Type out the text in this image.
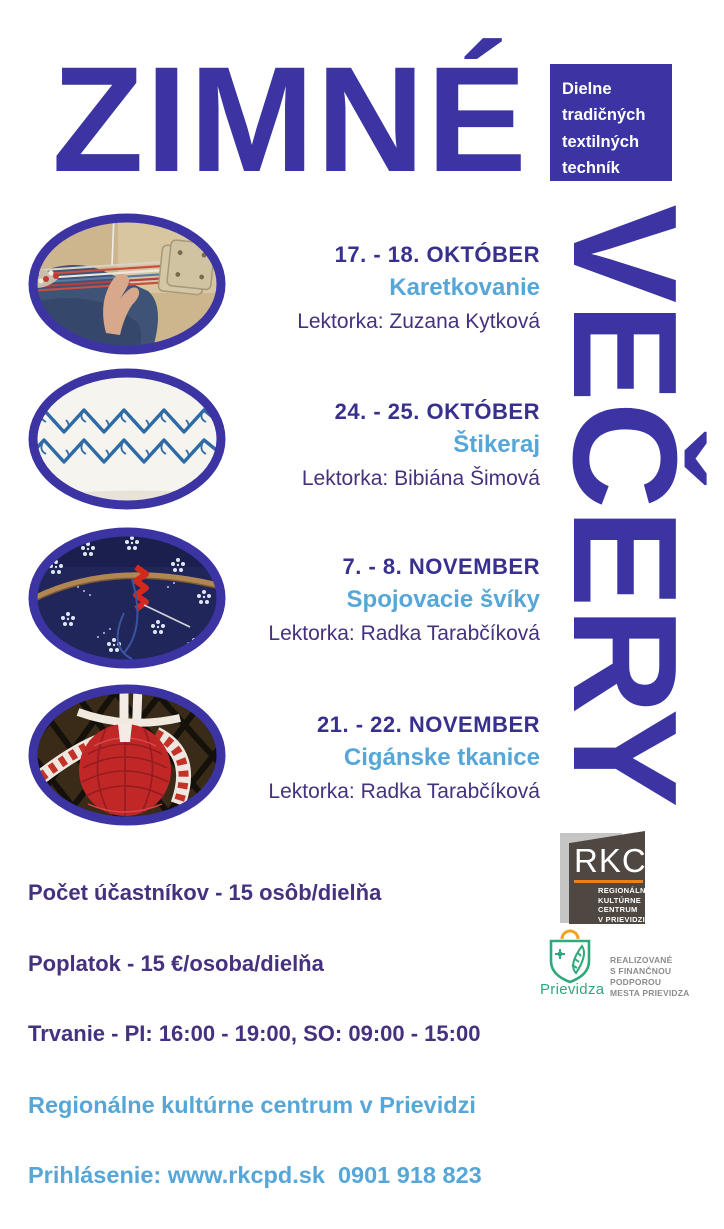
ZIMNÉ Dielne
tradičných
textilných
techník
VEČERY
17. - 18. OKTÓBER
Karetkovanie
Lektorka: Zuzana Kytková
24. - 25. OKTÓBER
Štikeraj
Lektorka: Bibiána Šimová
7. - 8. NOVEMBER
Spojovacie švíky
Lektorka: Radka Tarabčíková
21. - 22. NOVEMBER
Cigánske tkanice
Lektorka: Radka Tarabčíková

Počet účastníkov - 15 osôb/dielňa

Poplatok - 15 €/osoba/dielňa

Trvanie - PI: 16:00 - 19:00, SO: 09:00 - 15:00

Regionálne kultúrne centrum v Prievidzi

Prihlásenie: www.rkcpd.sk  0901 918 823

RKC
REGIONÁLNE
KULTÚRNE
CENTRUM
V PRIEVIDZI
Prievidza
REALIZOVANÉ
S FINANČNOU
PODPOROU
MESTA PRIEVIDZA
